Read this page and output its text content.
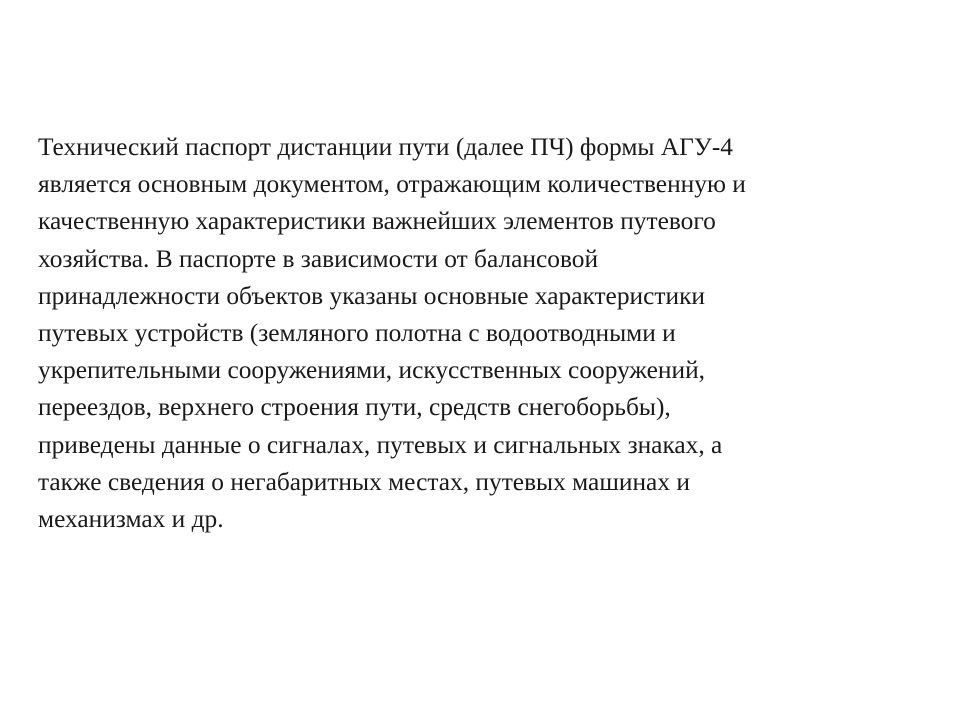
Технический паспорт дистанции пути (далее ПЧ) формы АГУ-4
является основным документом, отражающим количественную и
качественную характеристики важнейших элементов путевого
хозяйства. В паспорте в зависимости от балансовой
принадлежности объектов указаны основные характеристики
путевых устройств (земляного полотна с водоотводными и
укрепительными сооружениями, искусственных сооружений,
переездов, верхнего строения пути, средств снегоборьбы),
приведены данные о сигналах, путевых и сигнальных знаках, а
также сведения о негабаритных местах, путевых машинах и
механизмах и др.
